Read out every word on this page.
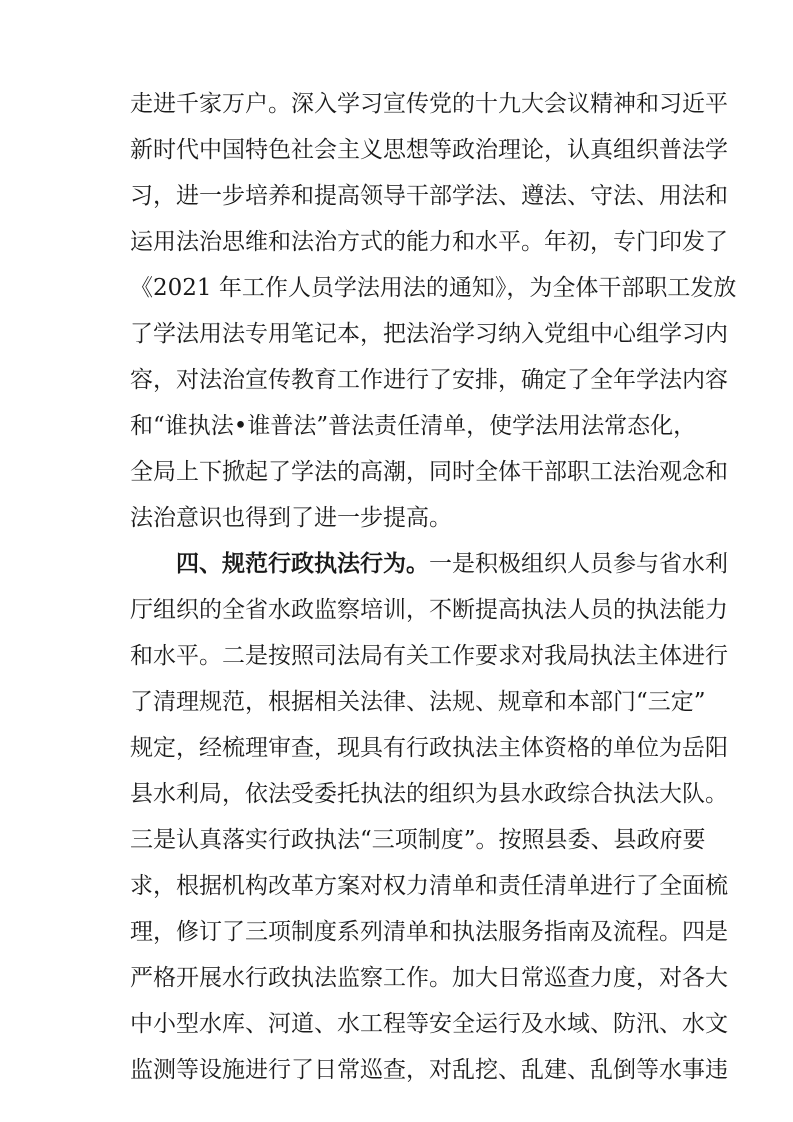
走进千家万户。深入学习宣传党的十九大会议精神和习近平
新时代中国特色社会主义思想等政治理论，认真组织普法学
习，进一步培养和提高领导干部学法、遵法、守法、用法和
运用法治思维和法治方式的能力和水平。年初，专门印发了
《2021 年工作人员学法用法的通知》，为全体干部职工发放
了学法用法专用笔记本，把法治学习纳入党组中心组学习内
容，对法治宣传教育工作进行了安排，确定了全年学法内容
和“谁执法•谁普法”普法责任清单，使学法用法常态化，
全局上下掀起了学法的高潮，同时全体干部职工法治观念和
法治意识也得到了进一步提高。
四、规范行政执法行为。一是积极组织人员参与省水利
厅组织的全省水政监察培训，不断提高执法人员的执法能力
和水平。二是按照司法局有关工作要求对我局执法主体进行
了清理规范，根据相关法律、法规、规章和本部门“三定”
规定，经梳理审查，现具有行政执法主体资格的单位为岳阳
县水利局，依法受委托执法的组织为县水政综合执法大队。
三是认真落实行政执法“三项制度”。按照县委、县政府要
求，根据机构改革方案对权力清单和责任清单进行了全面梳
理，修订了三项制度系列清单和执法服务指南及流程。四是
严格开展水行政执法监察工作。加大日常巡查力度，对各大
中小型水库、河道、水工程等安全运行及水域、防汛、水文
监测等设施进行了日常巡查，对乱挖、乱建、乱倒等水事违
